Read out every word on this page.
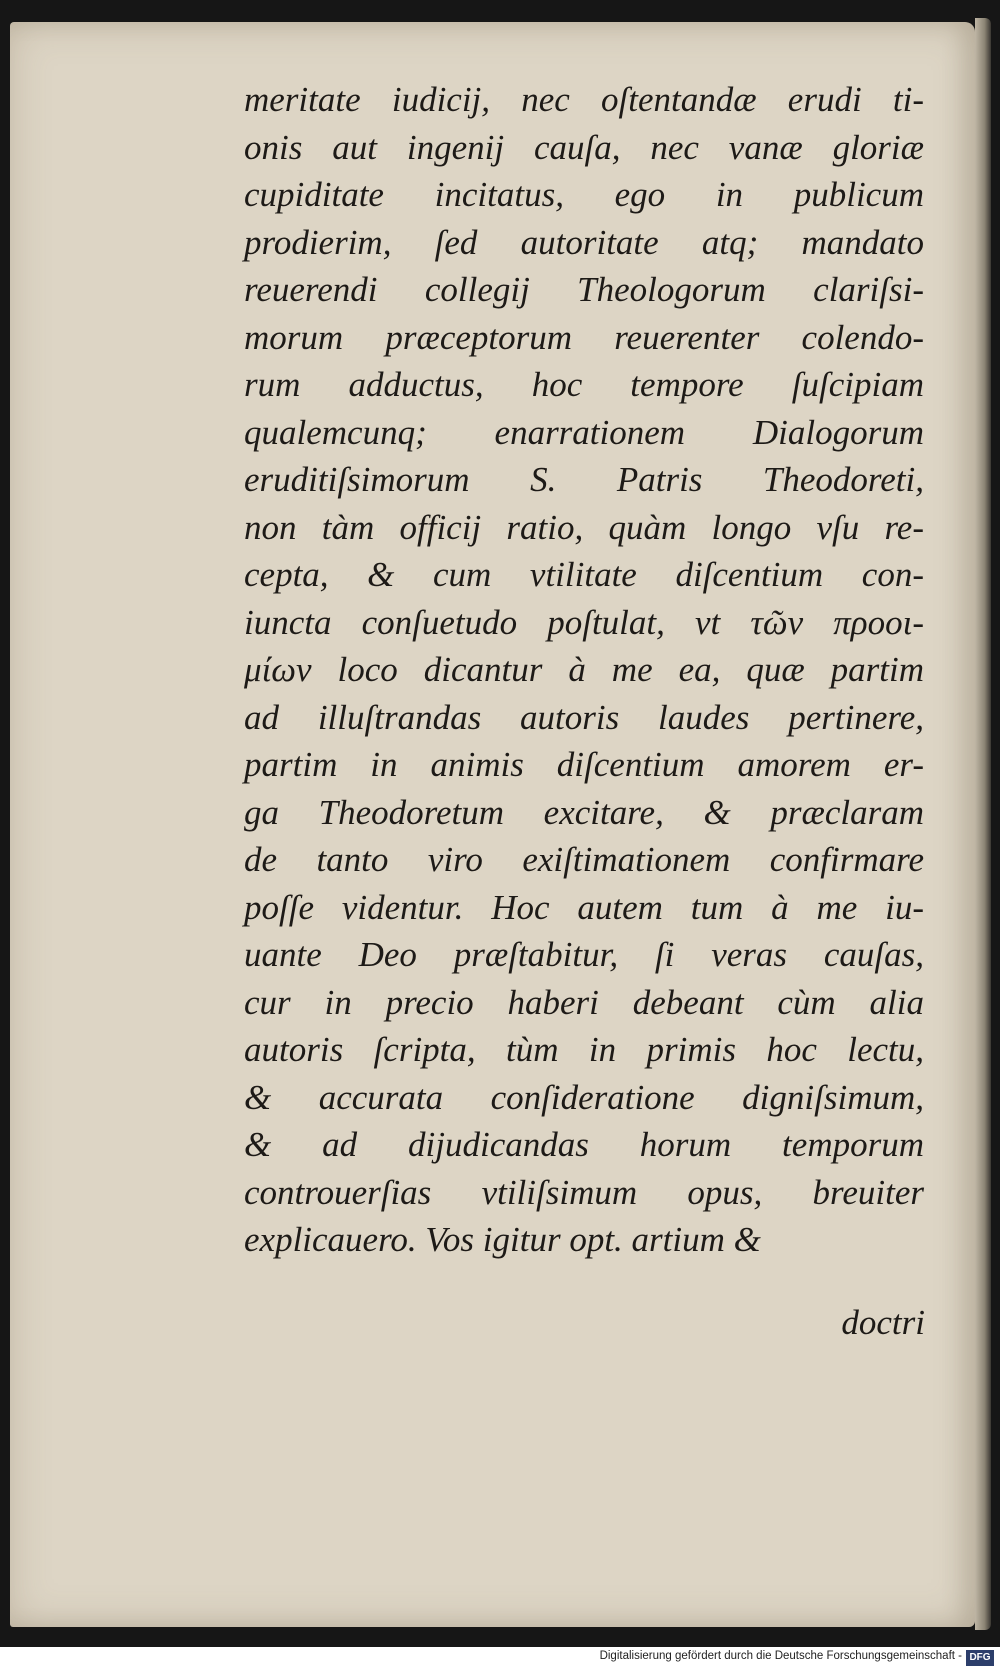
meritate iudicij, nec oſtentandæ erudi ti-
onis aut ingenij cauſa, nec vanæ gloriæ
cupiditate incitatus, ego in publicum
prodierim, ſed autoritate atq; mandato
reuerendi collegij Theologorum clariſsi-
morum præceptorum reuerenter colendo-
rum adductus, hoc tempore ſuſcipiam
qualemcunq; enarrationem Dialogorum
eruditiſsimorum S. Patris Theodoreti,
non tàm officij ratio, quàm longo vſu re-
cepta, & cum vtilitate diſcentium con-
iuncta conſuetudo poſtulat, vt τῶν προοι-
μίων loco dicantur à me ea, quæ partim
ad illuſtrandas autoris laudes pertinere,
partim in animis diſcentium amorem er-
ga Theodoretum excitare, & præclaram
de tanto viro exiſtimationem confirmare
poſſe videntur. Hoc autem tum à me iu-
uante Deo præſtabitur, ſi veras cauſas,
cur in precio haberi debeant cùm alia
autoris ſcripta, tùm in primis hoc lectu,
& accurata conſideratione digniſsimum,
& ad dijudicandas horum temporum
controuerſias vtiliſsimum opus, breuiter
explicauero. Vos igitur opt. artium &
doctri
Digitalisierung gefördert durch die Deutsche Forschungsgemeinschaft - DFG
